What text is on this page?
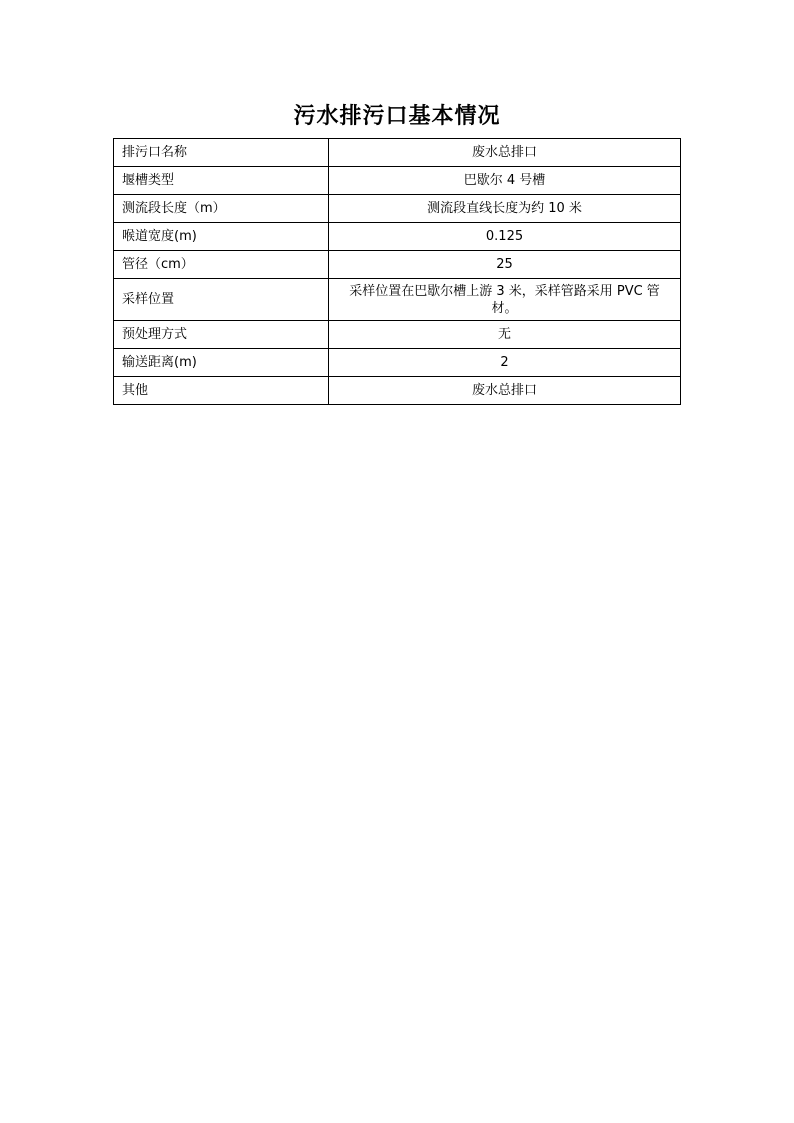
污水排污口基本情况
排污口名称	废水总排口
堰槽类型	巴歇尔 4 号槽
测流段长度（m）	测流段直线长度为约 10 米
喉道宽度(m)	0.125
管径（cm）	25
采样位置	采样位置在巴歇尔槽上游 3 米，采样管路采用 PVC 管材。
预处理方式	无
输送距离(m)	2
其他	废水总排口
